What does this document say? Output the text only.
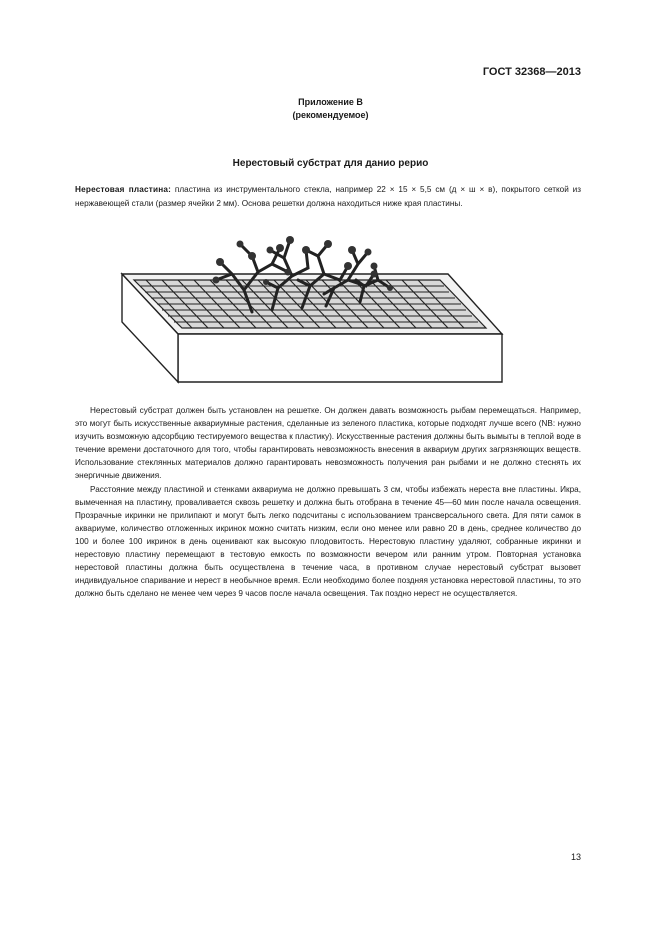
ГОСТ 32368—2013
Приложение В
(рекомендуемое)
Нерестовый субстрат для данио рерио
Нерестовая пластина: пластина из инструментального стекла, например 22 × 15 × 5,5 см (д × ш × в), покрытого сеткой из нержавеющей стали (размер ячейки 2 мм). Основа решетки должна находиться ниже края пластины.

Нерестовый субстрат должен быть установлен на решетке. Он должен давать возможность рыбам перемещаться. Например, это могут быть искусственные аквариумные растения, сделанные из зеленого пластика, которые подходят лучше всего (NB: нужно изучить возможную адсорбцию тестируемого вещества к пластику). Искусственные растения должны быть вымыты в теплой воде в течение времени достаточного для того, чтобы гарантировать невозможность внесения в аквариум других загрязняющих веществ. Использование стеклянных материалов должно гарантировать невозможность получения ран рыбами и не должно стеснять их энергичные движения.

Расстояние между пластиной и стенками аквариума не должно превышать 3 см, чтобы избежать нереста вне пластины. Икра, вымеченная на пластину, проваливается сквозь решетку и должна быть отобрана в течение 45—60 мин после начала освещения. Прозрачные икринки не прилипают и могут быть легко подсчитаны с использованием трансверсального света. Для пяти самок в аквариуме, количество отложенных икринок можно считать низким, если оно менее или равно 20 в день, среднее количество до 100 и более 100 икринок в день оценивают как высокую плодовитость. Нерестовую пластину удаляют, собранные икринки и нерестовую пластину перемещают в тестовую емкость по возможности вечером или ранним утром. Повторная установка нерестовой пластины должна быть осуществлена в течение часа, в противном случае нерестовый субстрат вызовет индивидуальное спаривание и нерест в необычное время. Если необходимо более поздняя установка нерестовой пластины, то это должно быть сделано не менее чем через 9 часов после начала освещения. Так поздно нерест не осуществляется.

13
